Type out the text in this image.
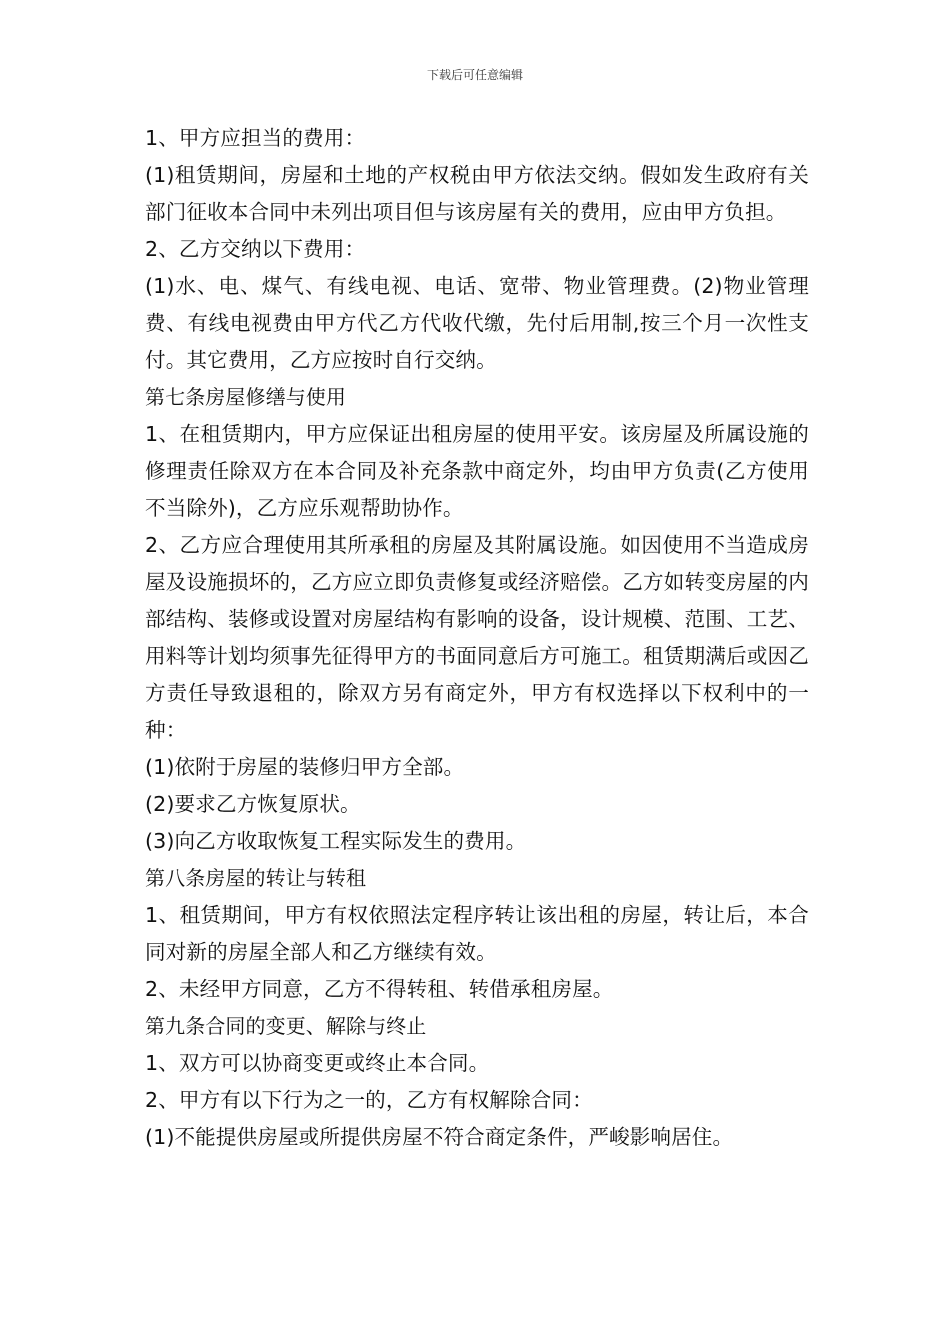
下载后可任意编辑

1、甲方应担当的费用：

(1)租赁期间，房屋和土地的产权税由甲方依法交纳。假如发生政府有关部门征收本合同中未列出项目但与该房屋有关的费用，应由甲方负担。

2、乙方交纳以下费用：

(1)水、电、煤气、有线电视、电话、宽带、物业管理费。(2)物业管理费、有线电视费由甲方代乙方代收代缴，先付后用制,按三个月一次性支付。其它费用，乙方应按时自行交纳。

第七条房屋修缮与使用

1、在租赁期内，甲方应保证出租房屋的使用平安。该房屋及所属设施的修理责任除双方在本合同及补充条款中商定外，均由甲方负责(乙方使用不当除外)，乙方应乐观帮助协作。

2、乙方应合理使用其所承租的房屋及其附属设施。如因使用不当造成房屋及设施损坏的，乙方应立即负责修复或经济赔偿。乙方如转变房屋的内部结构、装修或设置对房屋结构有影响的设备，设计规模、范围、工艺、用料等计划均须事先征得甲方的书面同意后方可施工。租赁期满后或因乙方责任导致退租的，除双方另有商定外，甲方有权选择以下权利中的一种：

(1)依附于房屋的装修归甲方全部。

(2)要求乙方恢复原状。

(3)向乙方收取恢复工程实际发生的费用。

第八条房屋的转让与转租

1、租赁期间，甲方有权依照法定程序转让该出租的房屋，转让后，本合同对新的房屋全部人和乙方继续有效。

2、未经甲方同意，乙方不得转租、转借承租房屋。

第九条合同的变更、解除与终止

1、双方可以协商变更或终止本合同。

2、甲方有以下行为之一的，乙方有权解除合同：

(1)不能提供房屋或所提供房屋不符合商定条件，严峻影响居住。
